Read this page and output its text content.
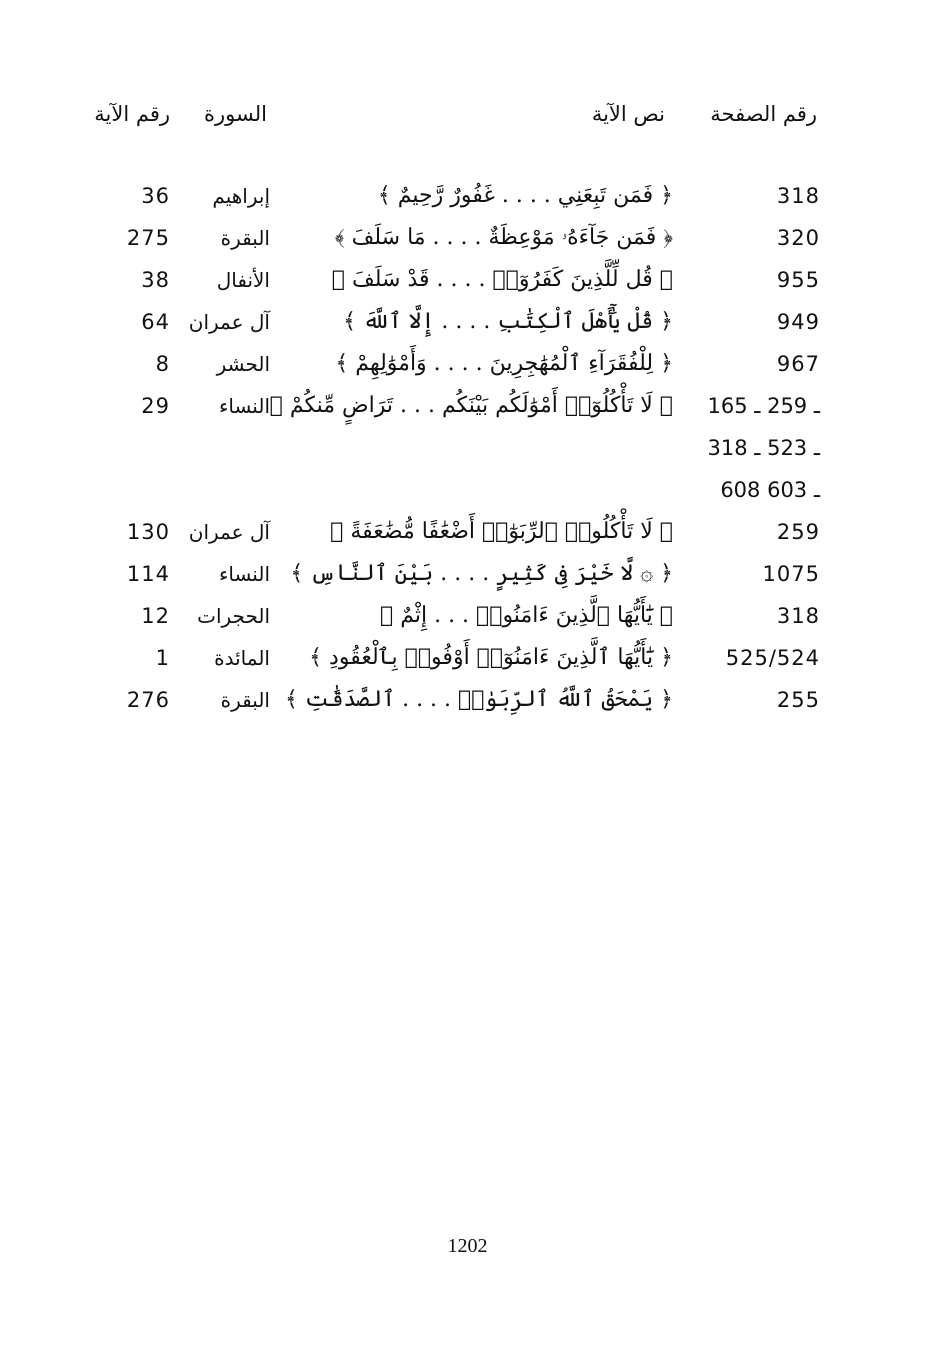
رقم الآية السورة	نص الآية رقم الصفحة
318
﴿ فَمَن تَبِعَنِي . . . . غَفُورٌ رَّحِيمٌ ﴾
إبراهيم
36
320
﴿ فَمَن جَآءَهُۥ مَوْعِظَةٌ . . . . مَا سَلَفَ ﴾
البقرة
275
955
﴿ قُل لِّلَّذِينَ كَفَرُوٓا۟ . . . . قَدْ سَلَفَ ﴾
الأنفال
38
949
﴿ قُلْ يَٰٓأَهْلَ ٱلْكِتَٰبِ . . . . إِلَّا ٱللَّهَ ﴾
آل عمران
64
967
﴿ لِلْفُقَرَآءِ ٱلْمُهَٰجِرِينَ . . . . وَأَمْوَٰلِهِمْ ﴾
الحشر
8
165 ـ 259 ـ
﴿ لَا تَأْكُلُوٓا۟ أَمْوَٰلَكُم بَيْنَكُم . . . تَرَاضٍ مِّنكُمْ ﴾
النساء
29
ـ 523 ـ 318
608 ـ 603
259
﴿ لَا تَأْكُلُوا۟ ٱلرِّبَوٰٓا۟ أَضْعَٰفًا مُّضَٰعَفَةً ﴾
آل عمران
130
1075
﴿ ۞ لَّا خَيْرَ فِى كَثِيرٍ . . . . بَيْنَ ٱلنَّاسِ ﴾
النساء
114
318
﴿ يَٰٓأَيُّهَا ٱلَّذِينَ ءَامَنُوا۟ . . . إِثْمٌ ﴾
الحجرات
12
525/524
﴿ يَٰٓأَيُّهَا ٱلَّذِينَ ءَامَنُوٓا۟ أَوْفُوا۟ بِٱلْعُقُودِ ﴾
المائدة
1
255
﴿ يَمْحَقُ ٱللَّهُ ٱلرِّبَوٰا۟ . . . . ٱلصَّدَقَٰتِ ﴾
البقرة
276
1202
